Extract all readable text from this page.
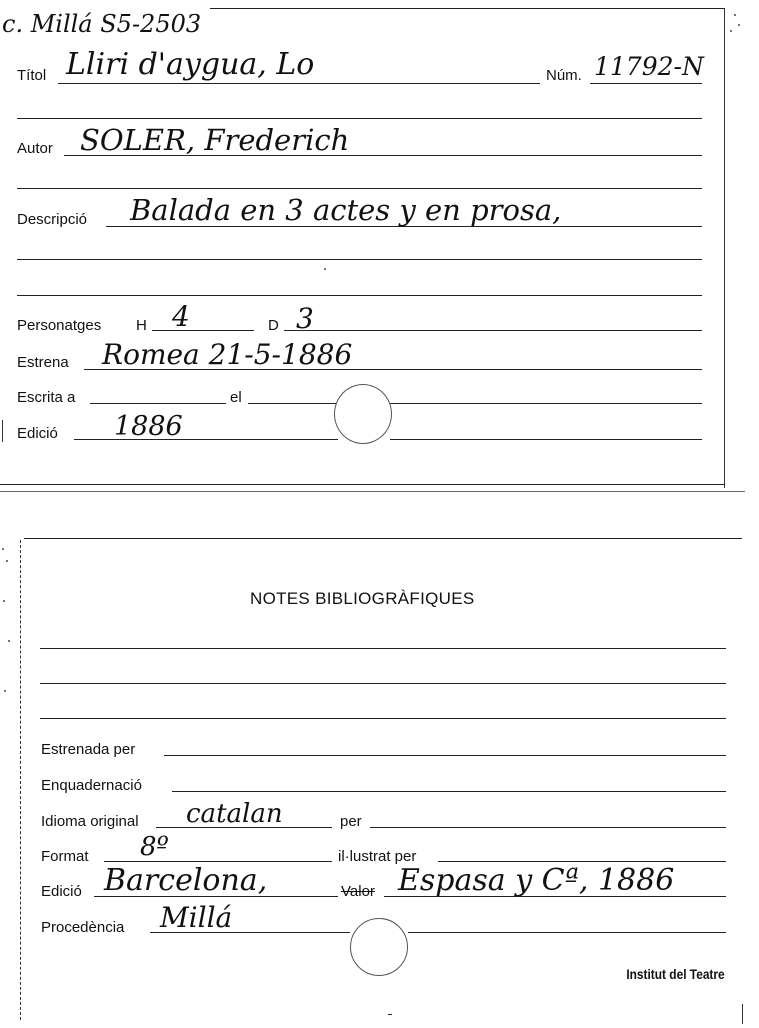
c. Millá S5-2503
Títol Lliri d'aygua, Lo	Núm. 11792-N
Autor SOLER, Frederich
Descripció Balada en 3 actes y en prosa,
Personatges H 4	D 3
Estrena Romea 21-5-1886
Escrita a	el
Edició 1886
NOTES BIBLIOGRÀFIQUES
Estrenada per
Enquadernació
Idioma original catalan	per
Format 8º	il·lustrat per
Edició Barcelona,	Valor Espasa y Cª, 1886
Procedència Millá
Institut del Teatre
